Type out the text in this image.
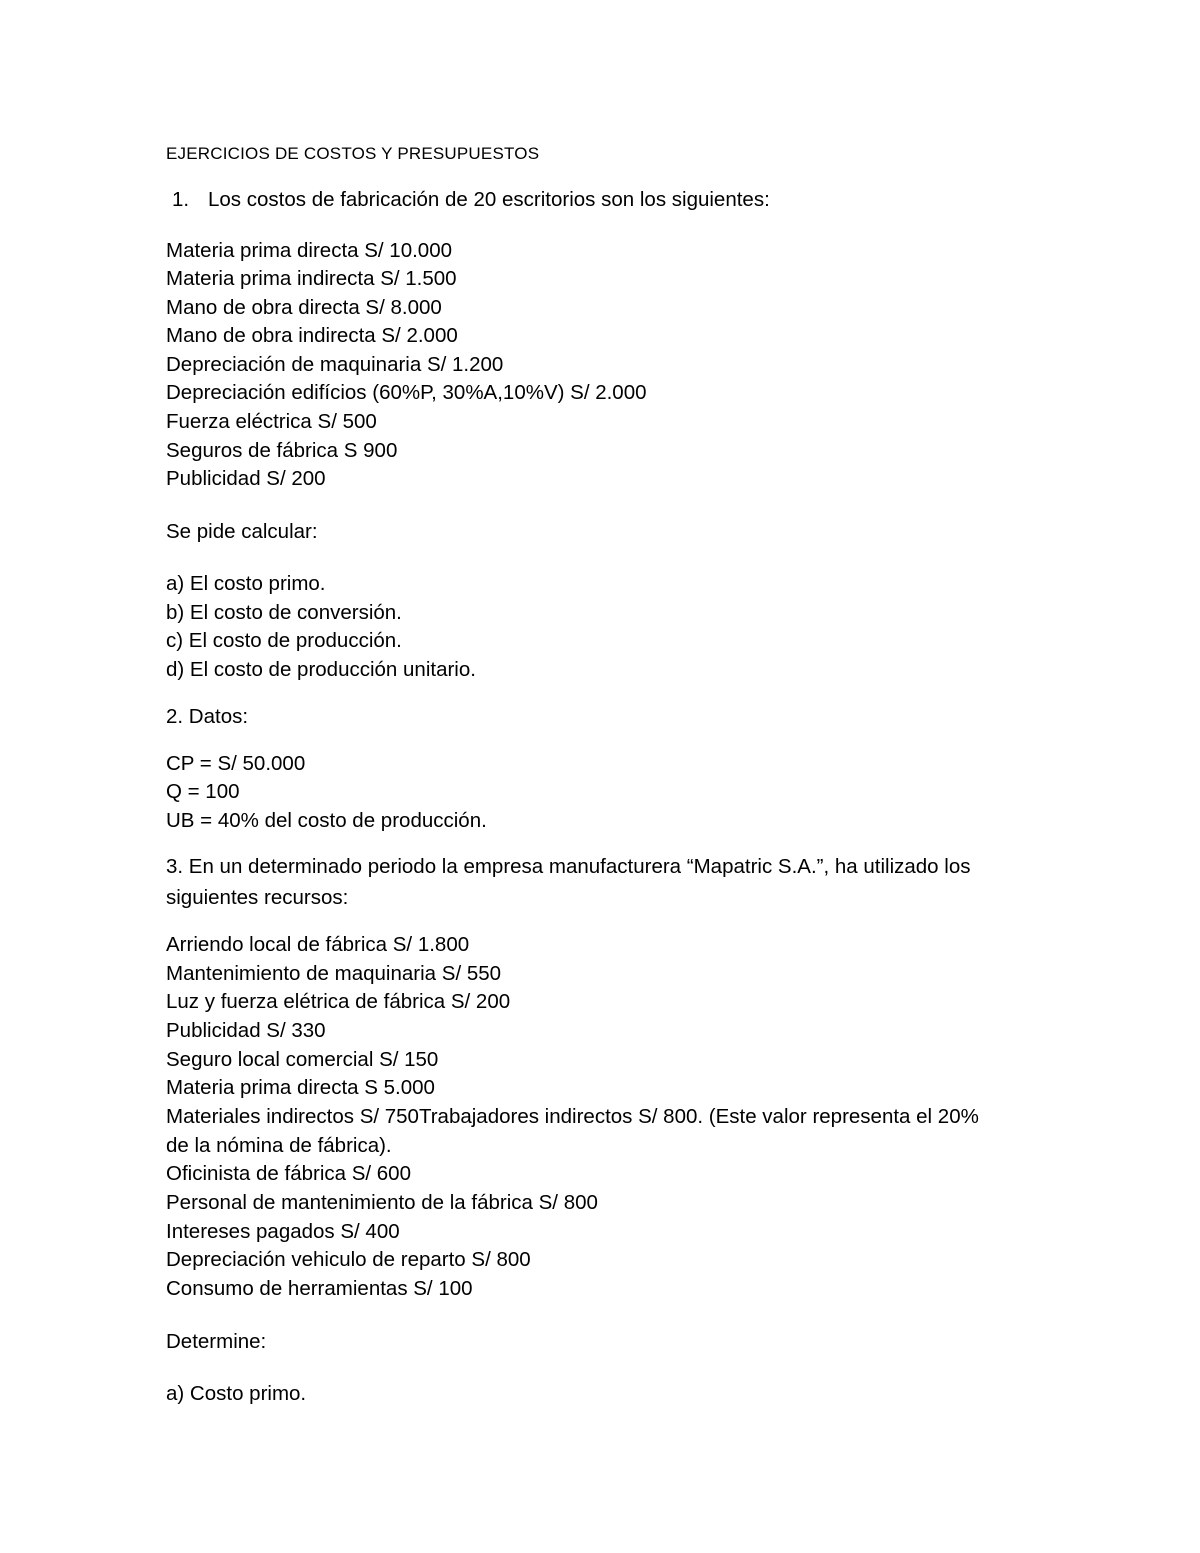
EJERCICIOS DE COSTOS Y PRESUPUESTOS
1. Los costos de fabricación de 20 escritorios son los siguientes:
Materia prima directa S/ 10.000
Materia prima indirecta S/ 1.500
Mano de obra directa S/ 8.000
Mano de obra indirecta S/ 2.000
Depreciación de maquinaria S/ 1.200
Depreciación edifícios (60%P, 30%A,10%V) S/ 2.000
Fuerza eléctrica S/ 500
Seguros de fábrica S 900
Publicidad S/ 200
Se pide calcular:
a) El costo primo.
b) El costo de conversión.
c) El costo de producción.
d) El costo de producción unitario.
2. Datos:
CP = S/ 50.000
Q = 100
UB = 40% del costo de producción.
3. En un determinado periodo la empresa manufacturera “Mapatric S.A.”, ha utilizado los
siguientes recursos:
Arriendo local de fábrica S/ 1.800
Mantenimiento de maquinaria S/ 550
Luz y fuerza elétrica de fábrica S/ 200
Publicidad S/ 330
Seguro local comercial S/ 150
Materia prima directa S 5.000
Materiales indirectos S/ 750Trabajadores indirectos S/ 800. (Este valor representa el 20%
de la nómina de fábrica).
Oficinista de fábrica S/ 600
Personal de mantenimiento de la fábrica S/ 800
Intereses pagados S/ 400
Depreciación vehiculo de reparto S/ 800
Consumo de herramientas S/ 100
Determine:
a) Costo primo.
